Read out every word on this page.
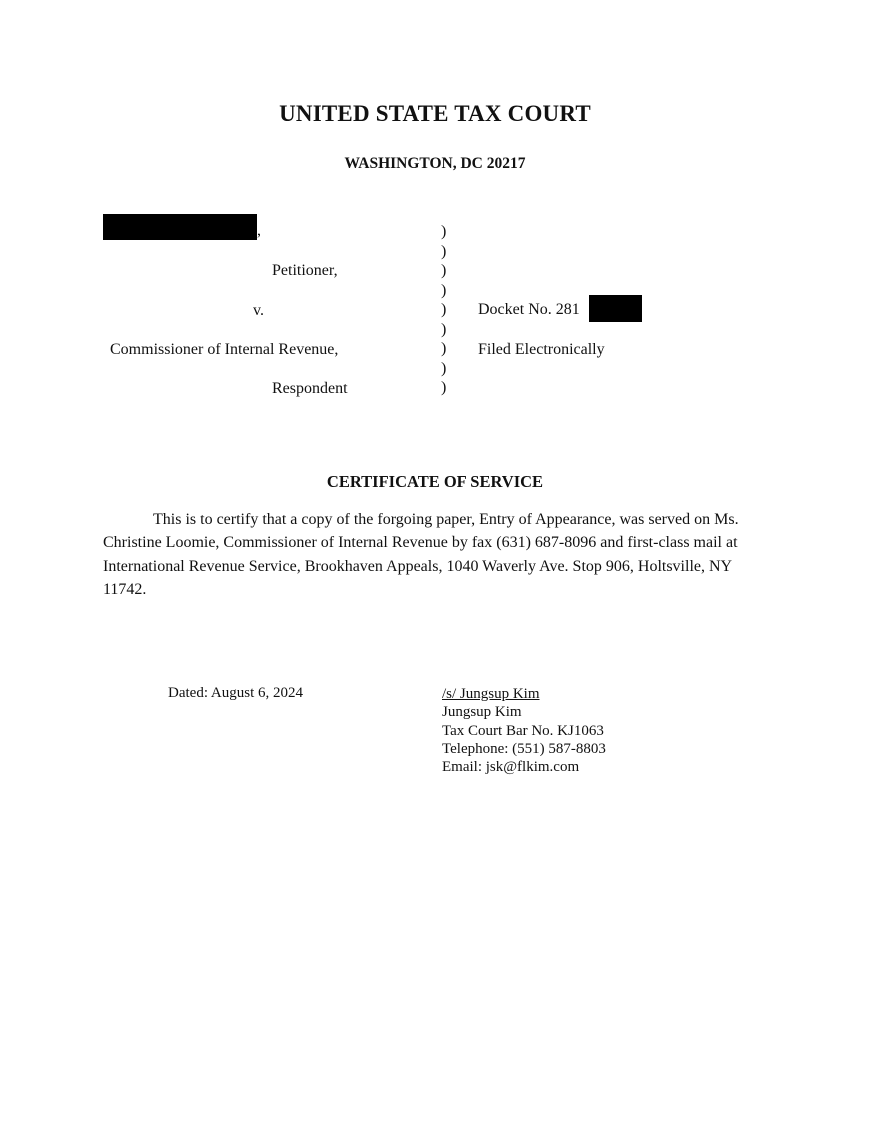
UNITED STATE TAX COURT
WASHINGTON, DC 20217
,
Petitioner,
v.
Commissioner of Internal Revenue,
Respondent
)
)
)
)
)
)
)
)
)
Docket No. 281
Filed Electronically
CERTIFICATE OF SERVICE
This is to certify that a copy of the forgoing paper, Entry of Appearance, was served on Ms. Christine Loomie, Commissioner of Internal Revenue by fax (631) 687-8096 and first-class mail at International Revenue Service, Brookhaven Appeals, 1040 Waverly Ave. Stop 906, Holtsville, NY 11742.
Dated: August 6, 2024	/s/ Jungsup Kim
Jungsup Kim
Tax Court Bar No. KJ1063
Telephone: (551) 587-8803
Email: jsk@flkim.com
